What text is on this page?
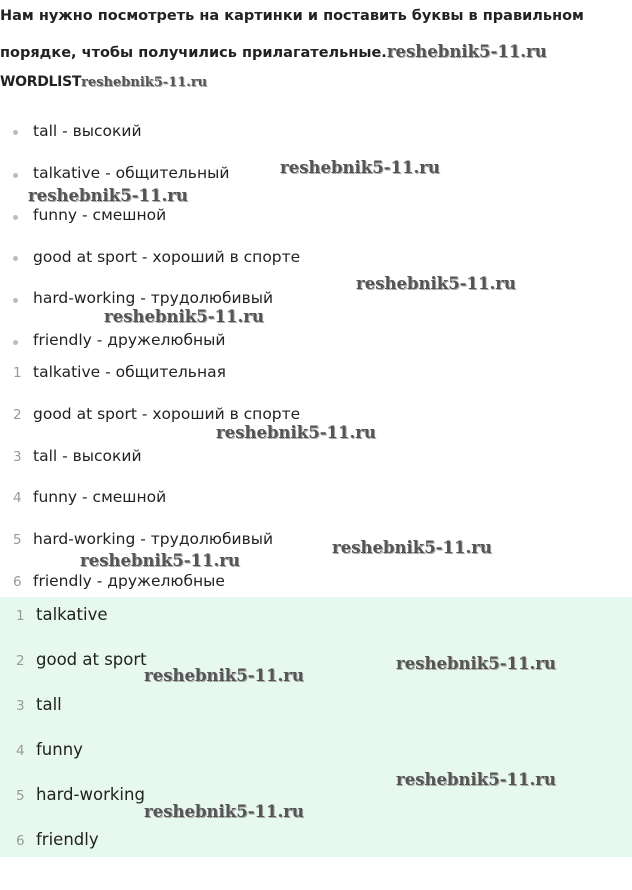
Нам нужно посмотреть на картинки и поставить буквы в правильном
порядке, чтобы получились прилагательные.reshebnik5-11.ru
WORDLISTreshebnik5-11.ru
tall - высокий
talkative - общительный
funny - смешной
good at sport - хороший в спорте
hard-working - трудолюбивый
friendly - дружелюбный
1 talkative - общительная
2 good at sport - хороший в спорте
3 tall - высокий
4 funny - смешной
5 hard-working - трудолюбивый
6 friendly - дружелюбные
1 talkative
2 good at sport
3 tall
4 funny
5 hard-working
6 friendly
reshebnik5-11.ru
reshebnik5-11.ru
reshebnik5-11.ru
reshebnik5-11.ru
reshebnik5-11.ru
reshebnik5-11.ru
reshebnik5-11.ru
reshebnik5-11.ru
reshebnik5-11.ru
reshebnik5-11.ru
reshebnik5-11.ru
